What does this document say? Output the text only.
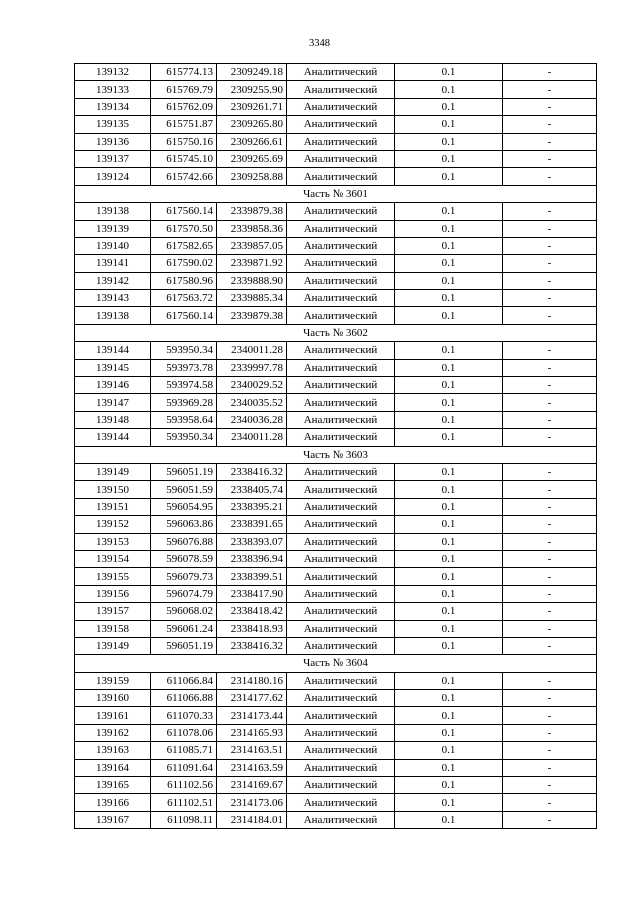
3348
139132	615774.13	2309249.18	Аналитический	0.1	-
139133	615769.79	2309255.90	Аналитический	0.1	-
139134	615762.09	2309261.71	Аналитический	0.1	-
139135	615751.87	2309265.80	Аналитический	0.1	-
139136	615750.16	2309266.61	Аналитический	0.1	-
139137	615745.10	2309265.69	Аналитический	0.1	-
139124	615742.66	2309258.88	Аналитический	0.1	-
Часть № 3601					
139138	617560.14	2339879.38	Аналитический	0.1	-
139139	617570.50	2339858.36	Аналитический	0.1	-
139140	617582.65	2339857.05	Аналитический	0.1	-
139141	617590.02	2339871.92	Аналитический	0.1	-
139142	617580.96	2339888.90	Аналитический	0.1	-
139143	617563.72	2339885.34	Аналитический	0.1	-
139138	617560.14	2339879.38	Аналитический	0.1	-
Часть № 3602					
139144	593950.34	2340011.28	Аналитический	0.1	-
139145	593973.78	2339997.78	Аналитический	0.1	-
139146	593974.58	2340029.52	Аналитический	0.1	-
139147	593969.28	2340035.52	Аналитический	0.1	-
139148	593958.64	2340036.28	Аналитический	0.1	-
139144	593950.34	2340011.28	Аналитический	0.1	-
Часть № 3603					
139149	596051.19	2338416.32	Аналитический	0.1	-
139150	596051.59	2338405.74	Аналитический	0.1	-
139151	596054.95	2338395.21	Аналитический	0.1	-
139152	596063.86	2338391.65	Аналитический	0.1	-
139153	596076.88	2338393.07	Аналитический	0.1	-
139154	596078.59	2338396.94	Аналитический	0.1	-
139155	596079.73	2338399.51	Аналитический	0.1	-
139156	596074.79	2338417.90	Аналитический	0.1	-
139157	596068.02	2338418.42	Аналитический	0.1	-
139158	596061.24	2338418.93	Аналитический	0.1	-
139149	596051.19	2338416.32	Аналитический	0.1	-
Часть № 3604					
139159	611066.84	2314180.16	Аналитический	0.1	-
139160	611066.88	2314177.62	Аналитический	0.1	-
139161	611070.33	2314173.44	Аналитический	0.1	-
139162	611078.06	2314165.93	Аналитический	0.1	-
139163	611085.71	2314163.51	Аналитический	0.1	-
139164	611091.64	2314163.59	Аналитический	0.1	-
139165	611102.56	2314169.67	Аналитический	0.1	-
139166	611102.51	2314173.06	Аналитический	0.1	-
139167	611098.11	2314184.01	Аналитический	0.1	-
